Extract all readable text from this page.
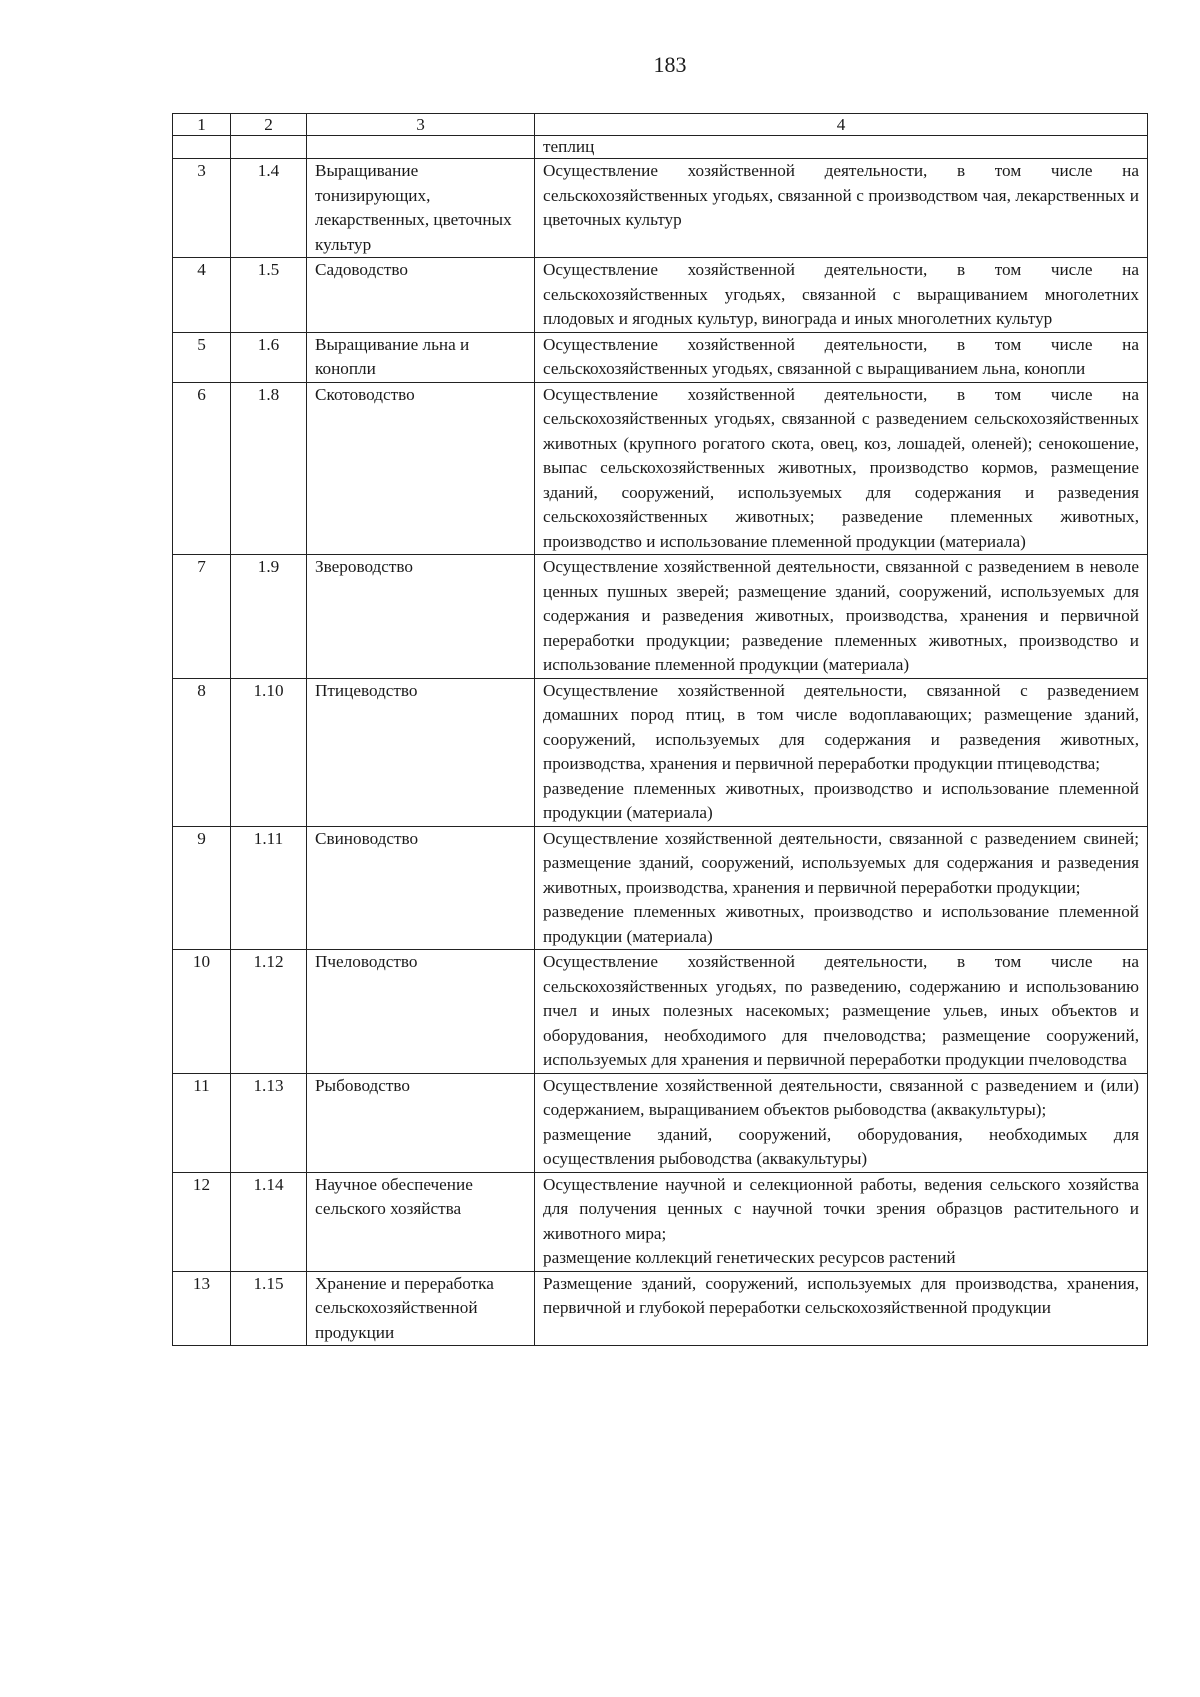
183
1	2	3	4
			теплиц
3	1.4	Выращивание тонизирующих, лекарственных, цветочных культур	Осуществление хозяйственной деятельности, в том числе на сельскохозяйственных угодьях, связанной с производством чая, лекарственных и цветочных культур

4	1.5	Садоводство	Осуществление хозяйственной деятельности, в том числе на сельскохозяйственных угодьях, связанной с выращиванием многолетних плодовых и ягодных культур, винограда и иных многолетних культур

5	1.6	Выращивание льна и конопли	Осуществление хозяйственной деятельности, в том числе на сельскохозяйственных угодьях, связанной с выращиванием льна, конопли

6	1.8	Скотоводство	Осуществление хозяйственной деятельности, в том числе на сельскохозяйственных угодьях, связанной с разведением сельскохозяйственных животных (крупного рогатого скота, овец, коз, лошадей, оленей); сенокошение, выпас сельскохозяйственных животных, производство кормов, размещение зданий, сооружений, используемых для содержания и разведения сельскохозяйственных животных; разведение племенных животных, производство и использование племенной продукции (материала)

7	1.9	Звероводство	Осуществление хозяйственной деятельности, связанной с разведением в неволе ценных пушных зверей; размещение зданий, сооружений, используемых для содержания и разведения животных, производства, хранения и первичной переработки продукции; разведение племенных животных, производство и использование племенной продукции (материала)

8	1.10	Птицеводство	Осуществление хозяйственной деятельности, связанной с разведением домашних пород птиц, в том числе водоплавающих; размещение зданий, сооружений, используемых для содержания и разведения животных, производства, хранения и первичной переработки продукции птицеводства;
разведение племенных животных, производство и использование племенной продукции (материала)

9	1.11	Свиноводство	Осуществление хозяйственной деятельности, связанной с разведением свиней; размещение зданий, сооружений, используемых для содержания и разведения животных, производства, хранения и первичной переработки продукции;
разведение племенных животных, производство и использование племенной продукции (материала)

10	1.12	Пчеловодство	Осуществление хозяйственной деятельности, в том числе на сельскохозяйственных угодьях, по разведению, содержанию и использованию пчел и иных полезных насекомых; размещение ульев, иных объектов и оборудования, необходимого для пчеловодства; размещение сооружений, используемых для хранения и первичной переработки продукции пчеловодства

11	1.13	Рыбоводство	Осуществление хозяйственной деятельности, связанной с разведением и (или) содержанием, выращиванием объектов рыбоводства (аквакультуры);
размещение зданий, сооружений, оборудования, необходимых для осуществления рыбоводства (аквакультуры)

12	1.14	Научное обеспечение сельского хозяйства	Осуществление научной и селекционной работы, ведения сельского хозяйства для получения ценных с научной точки зрения образцов растительного и животного мира;
размещение коллекций генетических ресурсов растений

13	1.15	Хранение и переработка сельскохозяйственной продукции	Размещение зданий, сооружений, используемых для производства, хранения, первичной и глубокой переработки сельскохозяйственной продукции
